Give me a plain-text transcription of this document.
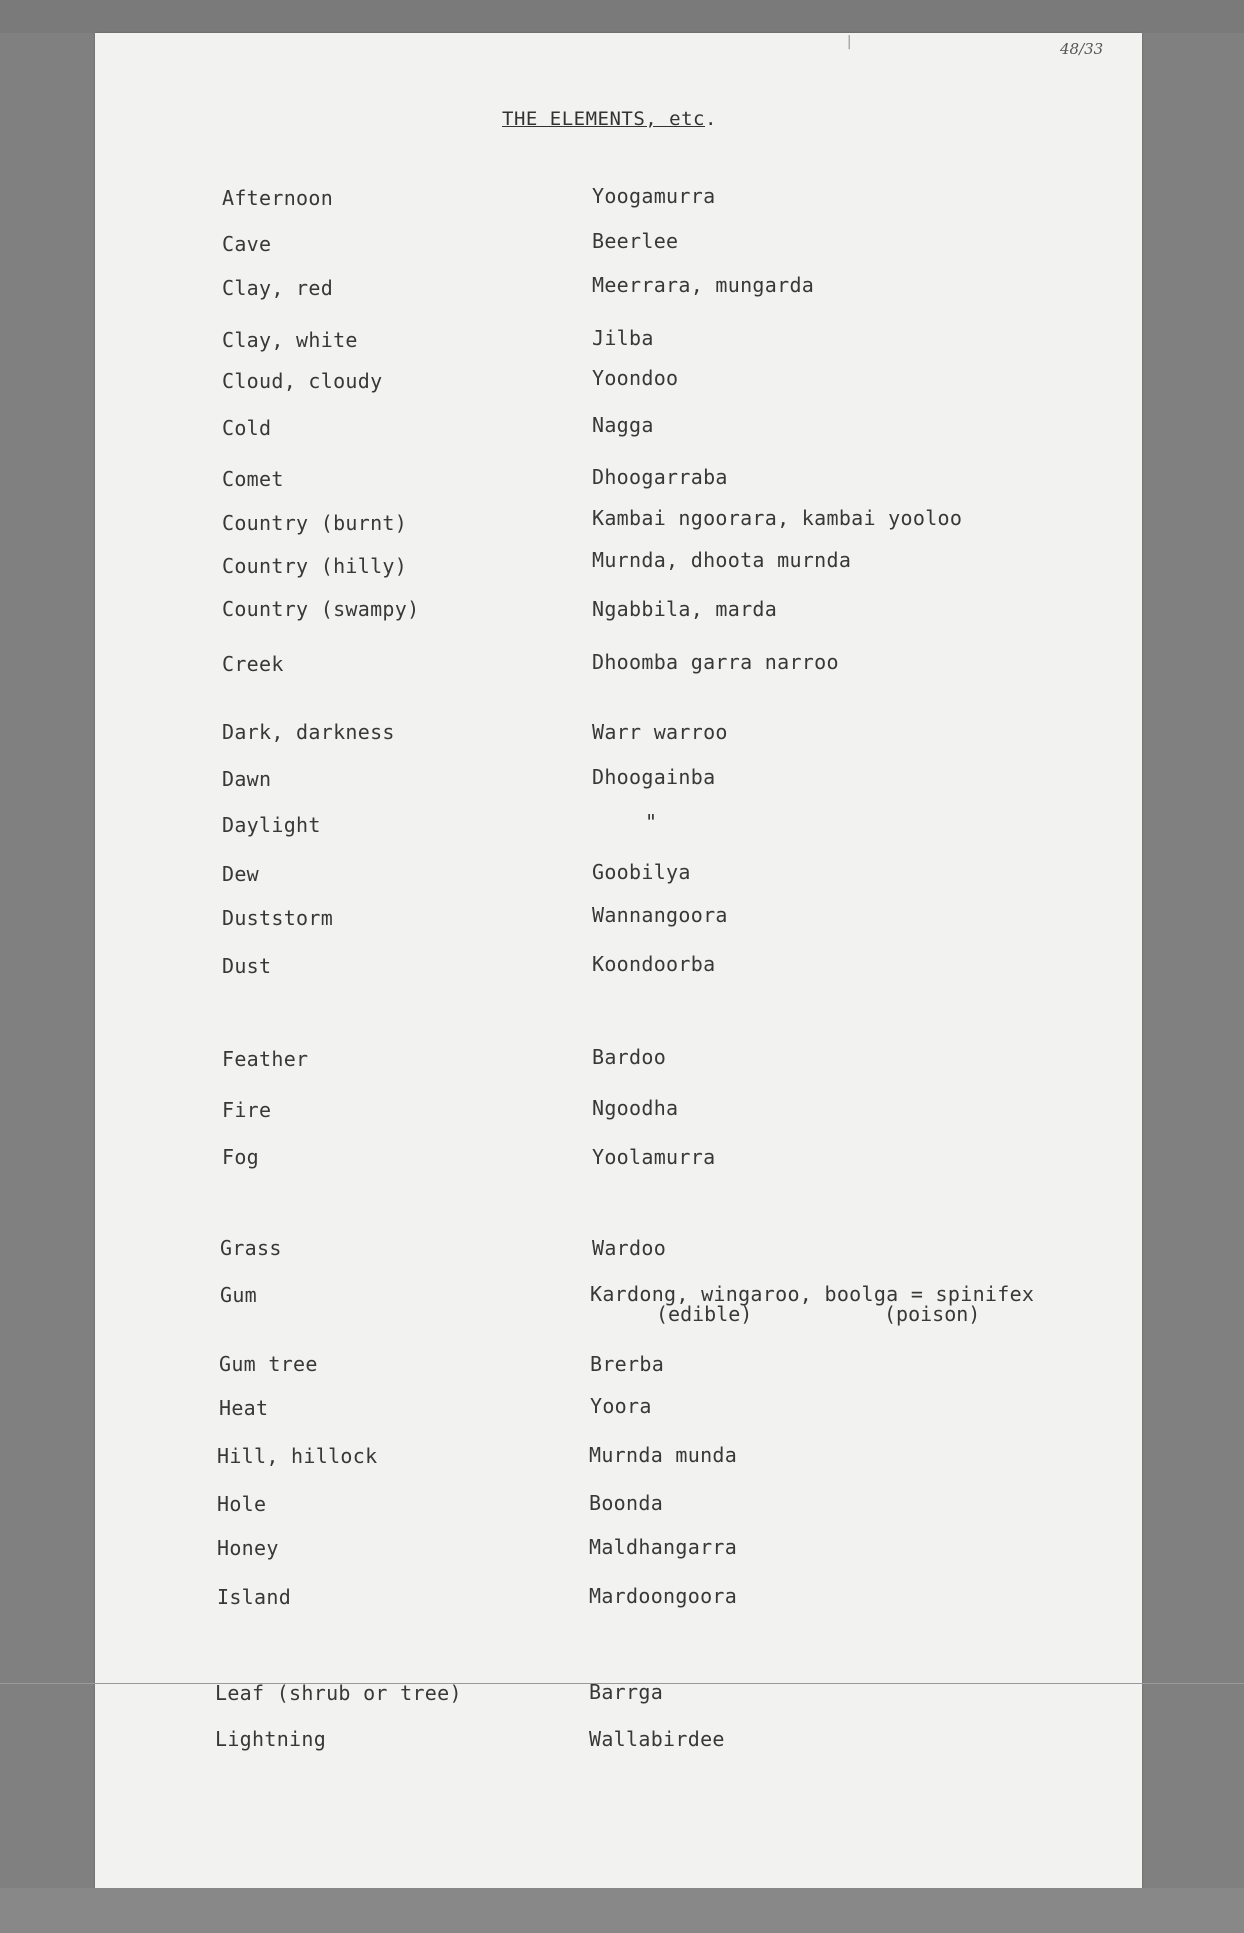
48/33
|
THE ELEMENTS, etc.
Afternoon
Cave
Clay, red
Clay, white
Cloud, cloudy
Cold
Comet
Country (burnt)
Country (hilly)
Country (swampy)
Creek
Dark, darkness
Dawn
Daylight
Dew
Duststorm
Dust
Feather
Fire
Fog
Grass
Gum
Gum tree
Heat
Hill, hillock
Hole
Honey
Island
Leaf (shrub or tree)
Lightning
Yoogamurra
Beerlee
Meerrara, mungarda
Jilba
Yoondoo
Nagga
Dhoogarraba
Kambai ngoorara, kambai yooloo
Murnda, dhoota murnda
Ngabbila, marda
Dhoomba garra narroo
Warr warroo
Dhoogainba
"
Goobilya
Wannangoora
Koondoorba
Bardoo
Ngoodha
Yoolamurra
Wardoo
Kardong, wingaroo, boolga = spinifex
(edible)	(poison)
Brerba
Yoora
Murnda munda
Boonda
Maldhangarra
Mardoongoora
Barrga
Wallabirdee
